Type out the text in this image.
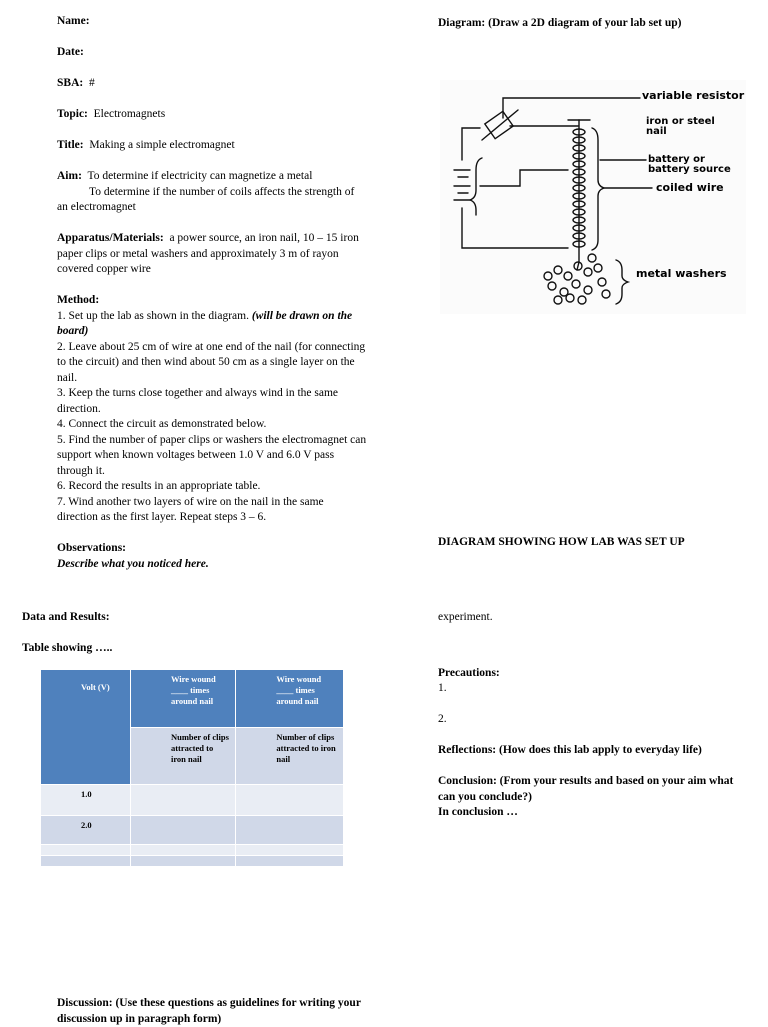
Name:

Date:

SBA: #

Topic: Electromagnets

Title: Making a simple electromagnet

Aim: To determine if electricity can magnetize a metal

To determine if the number of coils affects the strength of an electromagnet

Apparatus/Materials: a power source, an iron nail, 10 – 15 iron paper clips or metal washers and approximately 3 m of rayon covered copper wire

Method:

1. Set up the lab as shown in the diagram. (will be drawn on the board)

2. Leave about 25 cm of wire at one end of the nail (for connecting to the circuit) and then wind about 50 cm as a single layer on the nail.

3. Keep the turns close together and always wind in the same direction.

4. Connect the circuit as demonstrated below.

5. Find the number of paper clips or washers the electromagnet can support when known voltages between 1.0 V and 6.0 V pass through it.

6. Record the results in an appropriate table.

7. Wind another two layers of wire on the nail in the same direction as the first layer. Repeat steps 3 – 6.

Observations:

Describe what you noticed here.

Data and Results:

Table showing …..

Volt (V)	Wire wound ____ times around nail	Wire wound ____ times around nail
	Number of clips attracted to iron nail	Number of clips attracted to iron nail
1.0		
2.0		

Discussion: (Use these questions as guidelines for writing your discussion up in paragraph form)

Diagram: (Draw a 2D diagram of your lab set up)

variable resistor
iron or steel nail
battery or battery source
coiled wire
metal washers

DIAGRAM SHOWING HOW LAB WAS SET UP

experiment.

Precautions:

1.

2.

Reflections: (How does this lab apply to everyday life)

Conclusion: (From your results and based on your aim what can you conclude?)

In conclusion …
